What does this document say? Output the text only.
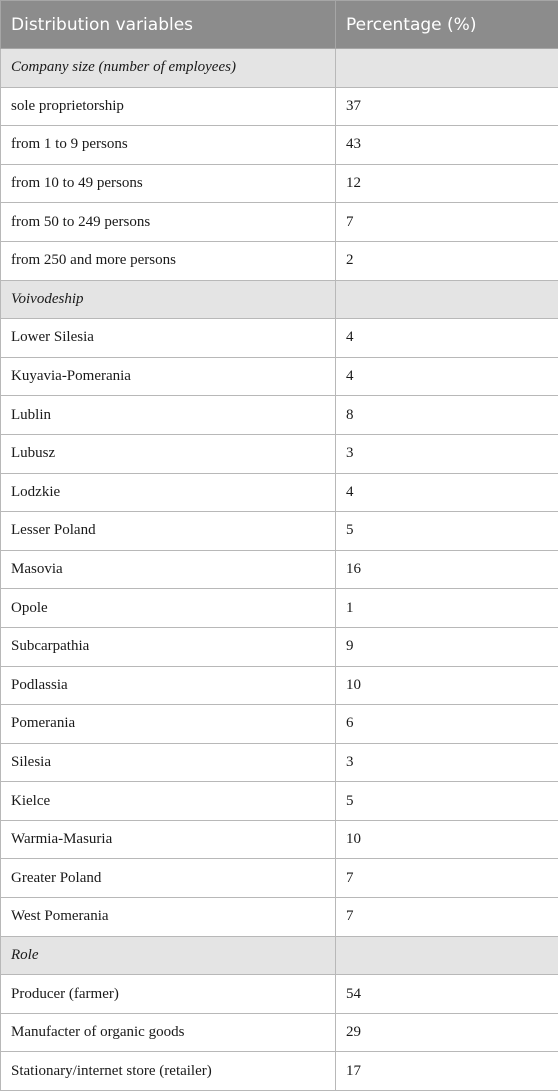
Distribution variables	Percentage (%)
Company size (number of employees)	
sole proprietorship	37
from 1 to 9 persons	43
from 10 to 49 persons	12
from 50 to 249 persons	7
from 250 and more persons	2
Voivodeship	
Lower Silesia	4
Kuyavia-Pomerania	4
Lublin	8
Lubusz	3
Lodzkie	4
Lesser Poland	5
Masovia	16
Opole	1
Subcarpathia	9
Podlassia	10
Pomerania	6
Silesia	3
Kielce	5
Warmia-Masuria	10
Greater Poland	7
West Pomerania	7
Role	
Producer (farmer)	54
Manufacter of organic goods	29
Stationary/internet store (retailer)	17
